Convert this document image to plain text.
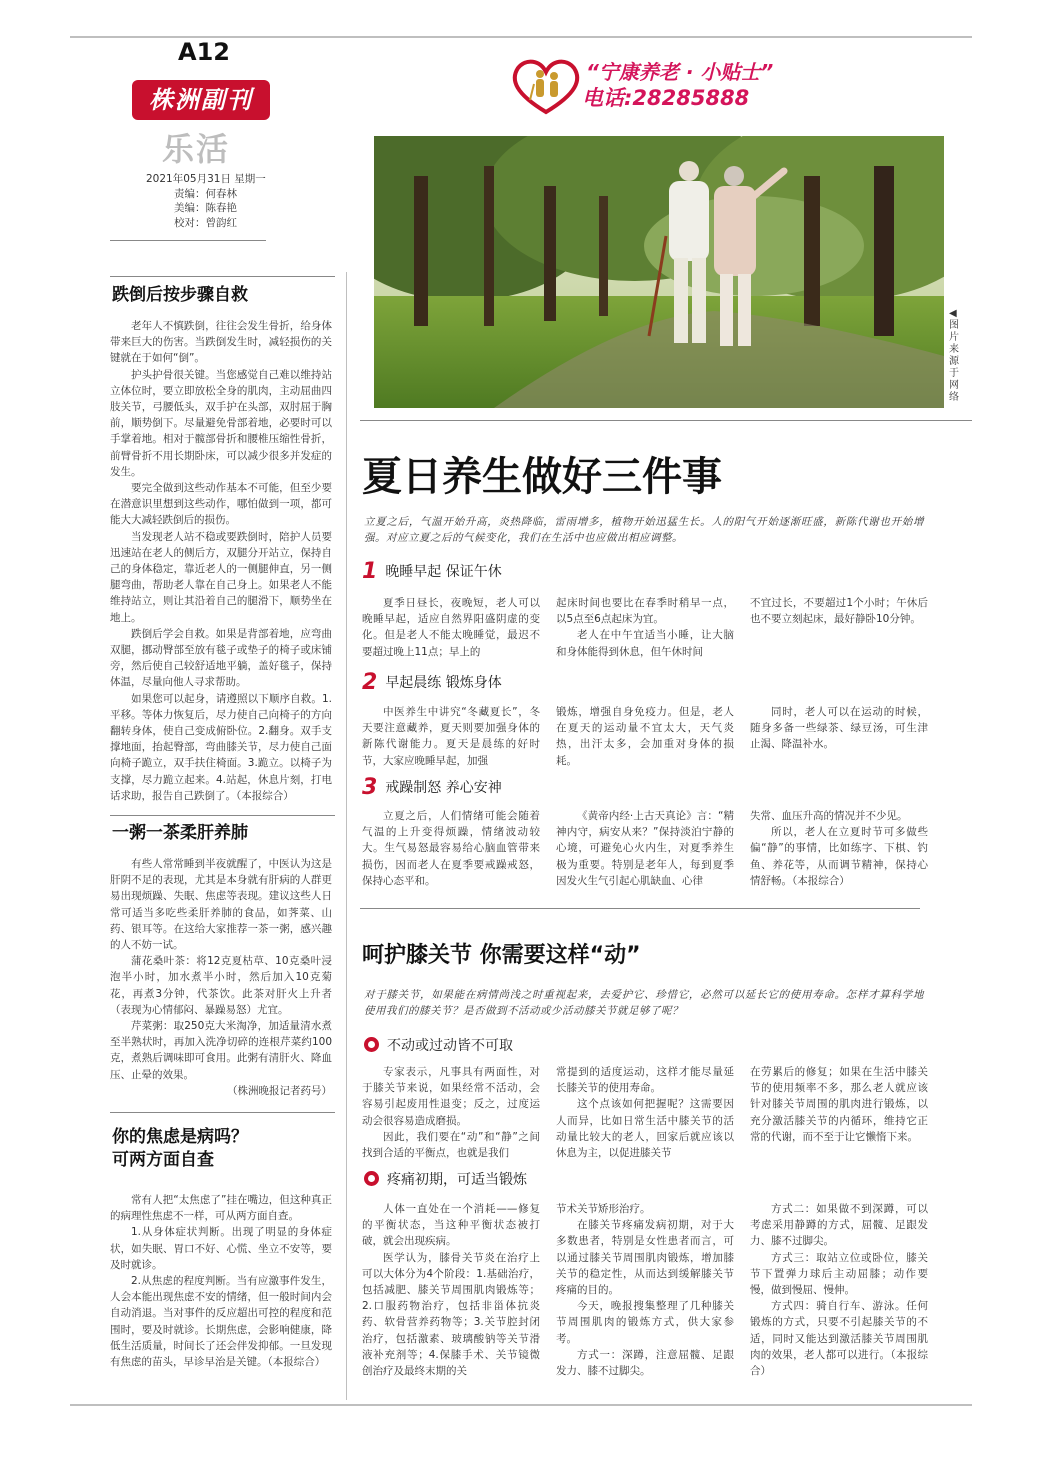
A12
株洲副刊
乐活
2021年05月31日 星期一
责编：何春林
美编：陈春艳
校对：曾韵红
“宁康养老 · 小贴士”
电话:28285888
◀图片来源于网络
跌倒后按步骤自救

老年人不慎跌倒，往往会发生骨折，给身体带来巨大的伤害。当跌倒发生时，减轻损伤的关键就在于如何“倒”。

护头护骨很关键。当您感觉自己难以维持站立体位时，要立即放松全身的肌肉，主动屈曲四肢关节，弓腰低头，双手护在头部，双肘屈于胸前，顺势倒下。尽量避免骨部着地，必要时可以手掌着地。相对于髋部骨折和腰椎压缩性骨折，前臂骨折不用长期卧床，可以减少很多并发症的发生。

要完全做到这些动作基本不可能，但至少要在潜意识里想到这些动作，哪怕做到一项，都可能大大减轻跌倒后的损伤。

当发现老人站不稳或要跌倒时，陪护人员要迅速站在老人的侧后方，双腿分开站立，保持自己的身体稳定，靠近老人的一侧腿伸直，另一侧腿弯曲，帮助老人靠在自己身上。如果老人不能维持站立，则让其沿着自己的腿滑下，顺势坐在地上。

跌倒后学会自救。如果是背部着地，应弯曲双腿，挪动臀部至放有毯子或垫子的椅子或床铺旁，然后使自己较舒适地平躺，盖好毯子，保持体温，尽量向他人寻求帮助。

如果您可以起身，请遵照以下顺序自救。1.平移。等体力恢复后，尽力使自己向椅子的方向翻转身体，使自己变成俯卧位。2.翻身。双手支撑地面，抬起臀部，弯曲膝关节，尽力使自己面向椅子跪立，双手扶住椅面。3.跪立。以椅子为支撑，尽力跪立起来。4.站起，休息片刻，打电话求助，报告自己跌倒了。（本报综合）

一粥一茶柔肝养肺

有些人常常睡到半夜就醒了，中医认为这是肝阴不足的表现，尤其是本身就有肝病的人群更易出现烦躁、失眠、焦虑等表现。建议这些人日常可适当多吃些柔肝养肺的食品，如荠菜、山药、银耳等。在这给大家推荐一茶一粥，感兴趣的人不妨一试。

蒲花桑叶茶：将12克夏枯草、10克桑叶浸泡半小时，加水煮半小时，然后加入10克菊花，再煮3分钟，代茶饮。此茶对肝火上升者（表现为心情郁闷、暴躁易怒）尤宜。

芹菜粥：取250克大米淘净，加适量清水煮至半熟状时，再加入洗净切碎的连根芹菜约100克，煮熟后调味即可食用。此粥有清肝火、降血压、止晕的效果。

（株洲晚报记者药号）

你的焦虑是病吗？
可两方面自查

常有人把“太焦虑了”挂在嘴边，但这种真正的病理性焦虑不一样，可从两方面自查。

1.从身体症状判断。出现了明显的身体症状，如失眠、胃口不好、心慌、坐立不安等，要及时就诊。

2.从焦虑的程度判断。当有应激事件发生，人会本能出现焦虑不安的情绪，但一般时间内会自动消退。当对事件的反应超出可控的程度和范围时，要及时就诊。长期焦虑，会影响健康，降低生活质量，时间长了还会伴发抑郁。一旦发现有焦虑的苗头，早诊早治是关键。（本报综合）

夏日养生做好三件事
立夏之后，气温开始升高，炎热降临，雷雨增多，植物开始迅猛生长。人的阳气开始逐渐旺盛，新陈代谢也开始增强。对应立夏之后的气候变化，我们在生活中也应做出相应调整。
1 晚睡早起 保证午休

夏季日昼长，夜晚短，老人可以晚睡早起，适应自然界阳盛阴虚的变化。但是老人不能太晚睡觉，最迟不要超过晚上11点；早上的

起床时间也要比在春季时稍早一点，以5点至6点起床为宜。

老人在中午宜适当小睡，让大脑和身体能得到休息，但午休时间

不宜过长，不要超过1个小时；午休后也不要立刻起床，最好静卧10分钟。

2 早起晨练 锻炼身体

中医养生中讲究“冬藏夏长”，冬天要注意藏养，夏天则要加强身体的新陈代谢能力。夏天是晨练的好时节，大家应晚睡早起，加强

锻炼，增强自身免疫力。但是，老人在夏天的运动量不宜太大，天气炎热，出汗太多，会加重对身体的损耗。

同时，老人可以在运动的时候，随身多备一些绿茶、绿豆汤，可生津止渴、降温补水。

3 戒躁制怒 养心安神

立夏之后，人们情绪可能会随着气温的上升变得烦躁，情绪波动较大。生气易怒最容易给心脑血管带来损伤，因而老人在夏季要戒躁戒怒，保持心态平和。

《黄帝内经·上古天真论》言：“精神内守，病安从来？”保持淡泊宁静的心境，可避免心火内生，对夏季养生极为重要。特别是老年人，每到夏季因发火生气引起心肌缺血、心律

失常、血压升高的情况并不少见。

所以，老人在立夏时节可多做些偏“静”的事情，比如练字、下棋、钓鱼、养花等，从而调节精神，保持心情舒畅。（本报综合）

呵护膝关节 你需要这样“动”
对于膝关节，如果能在病情尚浅之时重视起来，去爱护它、珍惜它，必然可以延长它的使用寿命。怎样才算科学地使用我们的膝关节？是否做到不活动或少活动膝关节就足够了呢？
不动或过动皆不可取

专家表示，凡事具有两面性，对于膝关节来说，如果经常不活动，会容易引起废用性退变；反之，过度运动会很容易造成磨损。

因此，我们要在“动”和“静”之间找到合适的平衡点，也就是我们

常提到的适度运动，这样才能尽量延长膝关节的使用寿命。

这个点该如何把握呢？这需要因人而异，比如日常生活中膝关节的活动量比较大的老人，回家后就应该以休息为主，以促进膝关节

在劳累后的修复；如果在生活中膝关节的使用频率不多，那么老人就应该针对膝关节周围的肌肉进行锻炼，以充分激活膝关节的内循环，维持它正常的代谢，而不至于让它懒惰下来。

疼痛初期，可适当锻炼

人体一直处在一个消耗——修复的平衡状态，当这种平衡状态被打破，就会出现疾病。

医学认为，膝骨关节炎在治疗上可以大体分为4个阶段：1.基础治疗，包括减肥、膝关节周围肌肉锻炼等；2.口服药物治疗，包括非甾体抗炎药、软骨营养药物等；3.关节腔封闭治疗，包括激素、玻璃酸钠等关节滑液补充剂等；4.保膝手术、关节镜微创治疗及最终末期的关

节术关节矫形治疗。

在膝关节疼痛发病初期，对于大多数患者，特别是女性患者而言，可以通过膝关节周围肌肉锻炼，增加膝关节的稳定性，从而达到缓解膝关节疼痛的目的。

今天，晚报搜集整理了几种膝关节周围肌肉的锻炼方式，供大家参考。

方式一：深蹲，注意屈髋、足跟发力、膝不过脚尖。

方式二：如果做不到深蹲，可以考虑采用静蹲的方式，屈髋、足跟发力、膝不过脚尖。

方式三：取站立位或卧位，膝关节下置弹力球后主动屈膝；动作要慢，做到慢屈、慢伸。

方式四：骑自行车、游泳。任何锻炼的方式，只要不引起膝关节的不适，同时又能达到激活膝关节周围肌肉的效果，老人都可以进行。（本报综合）
